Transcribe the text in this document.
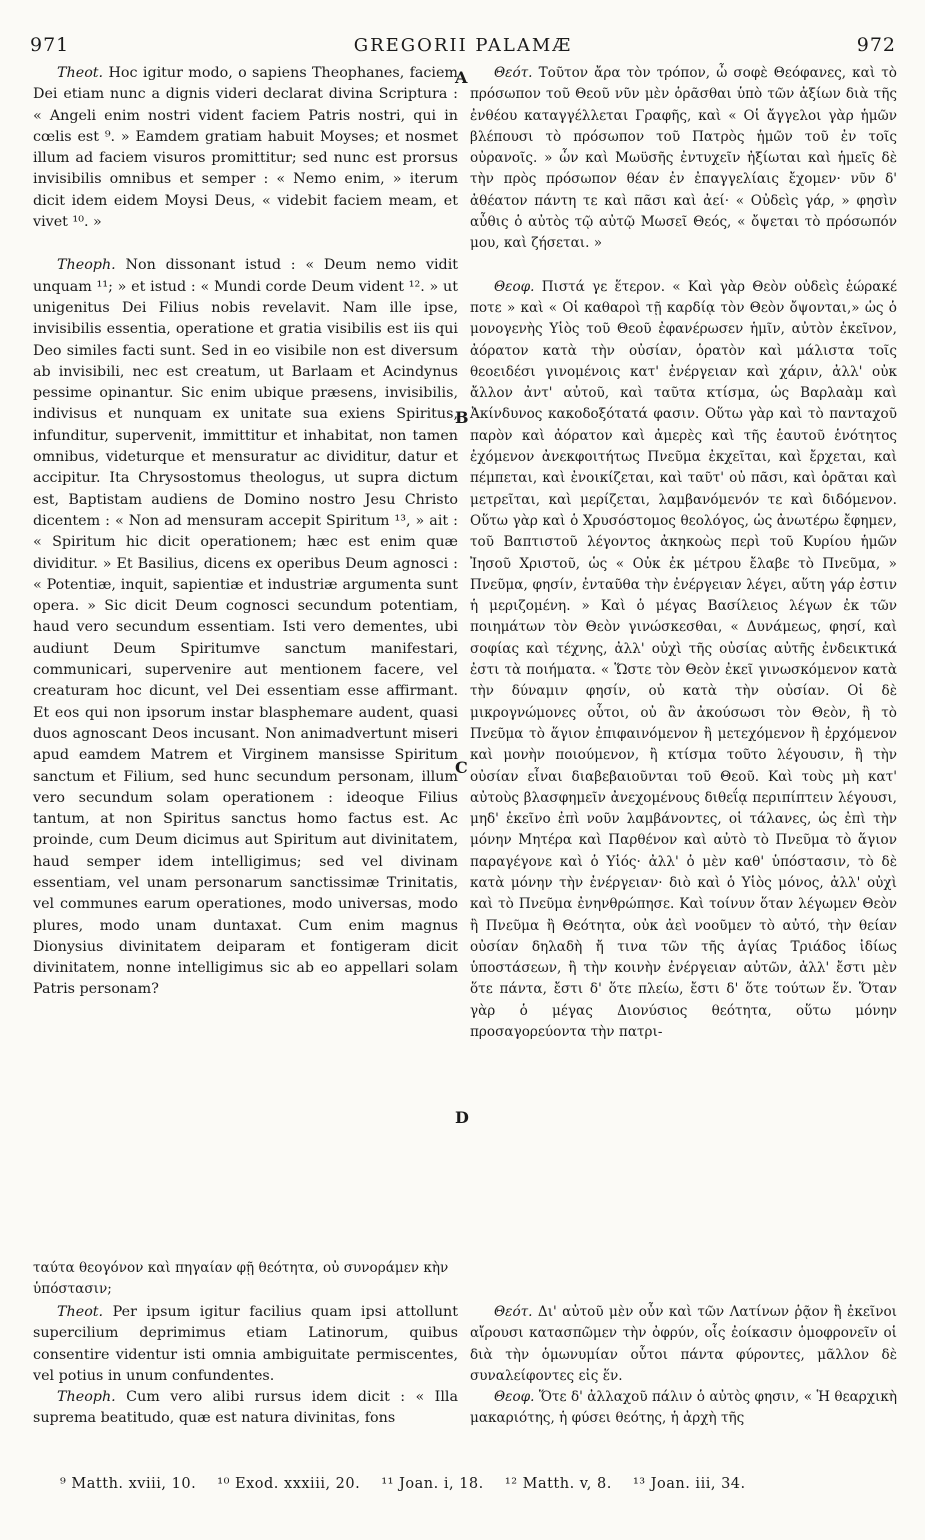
971	GREGORII PALAMÆ	972
A
B
C
D

Theot. Hoc igitur modo, o sapiens Theophanes, faciem Dei etiam nunc a dignis videri declarat divina Scriptura : « Angeli enim nostri vident faciem Patris nostri, qui in cœlis est ⁹. » Eamdem gratiam habuit Moyses; et nosmet illum ad faciem visuros promittitur; sed nunc est prorsus invisibilis omnibus et semper : « Nemo enim, » iterum dicit idem eidem Moysi Deus, « videbit faciem meam, et vivet ¹⁰. »

Theoph. Non dissonant istud : « Deum nemo vidit unquam ¹¹; » et istud : « Mundi corde Deum vident ¹². » ut unigenitus Dei Filius nobis revelavit. Nam ille ipse, invisibilis essentia, operatione et gratia visibilis est iis qui Deo similes facti sunt. Sed in eo visibile non est diversum ab invisibili, nec est creatum, ut Barlaam et Acindynus pessime opinantur. Sic enim ubique præsens, invisibilis, indivisus et nunquam ex unitate sua exiens Spiritus, infunditur, supervenit, immittitur et inhabitat, non tamen omnibus, videturque et mensuratur ac dividitur, datur et accipitur. Ita Chrysostomus theologus, ut supra dictum est, Baptistam audiens de Domino nostro Jesu Christo dicentem : « Non ad mensuram accepit Spiritum ¹³, » ait : « Spiritum hic dicit operationem; hæc est enim quæ dividitur. » Et Basilius, dicens ex operibus Deum agnosci : « Potentiæ, inquit, sapientiæ et industriæ argumenta sunt opera. » Sic dicit Deum cognosci secundum potentiam, haud vero secundum essentiam. Isti vero dementes, ubi audiunt Deum Spiritumve sanctum manifestari, communicari, supervenire aut mentionem facere, vel creaturam hoc dicunt, vel Dei essentiam esse affirmant. Et eos qui non ipsorum instar blasphemare audent, quasi duos agnoscant Deos incusant. Non animadvertunt miseri apud eamdem Matrem et Virginem mansisse Spiritum sanctum et Filium, sed hunc secundum personam, illum vero secundum solam operationem : ideoque Filius tantum, at non Spiritus sanctus homo factus est. Ac proinde, cum Deum dicimus aut Spiritum aut divinitatem, haud semper idem intelligimus; sed vel divinam essentiam, vel unam personarum sanctissimæ Trinitatis, vel communes earum operationes, modo universas, modo plures, modo unam duntaxat. Cum enim magnus Dionysius divinitatem deiparam et fontigeram dicit divinitatem, nonne intelligimus sic ab eo appellari solam Patris personam?

Θεότ. Τοῦτον ἄρα τὸν τρόπον, ὦ σοφὲ Θεόφανες, καὶ τὸ πρόσωπον τοῦ Θεοῦ νῦν μὲν ὁρᾶσθαι ὑπὸ τῶν ἀξίων διὰ τῆς ἐνθέου καταγγέλλεται Γραφῆς, καὶ « Οἱ ἄγγελοι γὰρ ἡμῶν βλέπουσι τὸ πρόσωπον τοῦ Πατρὸς ἡμῶν τοῦ ἐν τοῖς οὐρανοῖς. » ὧν καὶ Μωϋσῆς ἐντυχεῖν ἠξίωται καὶ ἡμεῖς δὲ τὴν πρὸς πρόσωπον θέαν ἐν ἐπαγγελίαις ἔχομεν· νῦν δ' ἀθέατον πάντη τε καὶ πᾶσι καὶ ἀεί· « Οὐδεὶς γάρ, » φησὶν αὖθις ὁ αὐτὸς τῷ αὐτῷ Μωσεῖ Θεός, « ὄψεται τὸ πρόσωπόν μου, καὶ ζήσεται. »

Θεοφ. Πιστά γε ἕτερον. « Καὶ γὰρ Θεὸν οὐδεὶς ἑώρακέ ποτε » καὶ « Οἱ καθαροὶ τῇ καρδίᾳ τὸν Θεὸν ὄψονται,» ὡς ὁ μονογενὴς Υἱὸς τοῦ Θεοῦ ἐφανέρωσεν ἡμῖν, αὐτὸν ἐκεῖνον, ἀόρατον κατὰ τὴν οὐσίαν, ὁρατὸν καὶ μάλιστα τοῖς θεοειδέσι γινομένοις κατ' ἐνέργειαν καὶ χάριν, ἀλλ' οὐκ ἄλλον ἀντ' αὐτοῦ, καὶ ταῦτα κτίσμα, ὡς Βαρλαὰμ καὶ Ἀκίνδυνος κακοδοξότατά φασιν. Οὕτω γὰρ καὶ τὸ πανταχοῦ παρὸν καὶ ἀόρατον καὶ ἀμερὲς καὶ τῆς ἑαυτοῦ ἑνότητος ἐχόμενον ἀνεκφοιτήτως Πνεῦμα ἐκχεῖται, καὶ ἔρχεται, καὶ πέμπεται, καὶ ἐνοικίζεται, καὶ ταῦτ' οὐ πᾶσι, καὶ ὁρᾶται καὶ μετρεῖται, καὶ μερίζεται, λαμβανόμενόν τε καὶ διδόμενον. Οὕτω γὰρ καὶ ὁ Χρυσόστομος θεολόγος, ὡς ἀνωτέρω ἔφημεν, τοῦ Βαπτιστοῦ λέγοντος ἀκηκοὼς περὶ τοῦ Κυρίου ἡμῶν Ἰησοῦ Χριστοῦ, ὡς « Οὐκ ἐκ μέτρου ἔλαβε τὸ Πνεῦμα, » Πνεῦμα, φησίν, ἐνταῦθα τὴν ἐνέργειαν λέγει, αὕτη γάρ ἐστιν ἡ μεριζομένη. » Καὶ ὁ μέγας Βασίλειος λέγων ἐκ τῶν ποιημάτων τὸν Θεὸν γινώσκεσθαι, « Δυνάμεως, φησί, καὶ σοφίας καὶ τέχνης, ἀλλ' οὐχὶ τῆς οὐσίας αὐτῆς ἐνδεικτικά ἐστι τὰ ποιήματα. « Ὥστε τὸν Θεὸν ἐκεῖ γινωσκόμενον κατὰ τὴν δύναμιν φησίν, οὐ κατὰ τὴν οὐσίαν. Οἱ δὲ μικρογνώμονες οὗτοι, οὐ ἂν ἀκούσωσι τὸν Θεὸν, ἢ τὸ Πνεῦμα τὸ ἅγιον ἐπιφαινόμενον ἢ μετεχόμενον ἢ ἐρχόμενον καὶ μονὴν ποιούμενον, ἢ κτίσμα τοῦτο λέγουσιν, ἢ τὴν οὐσίαν εἶναι διαβεβαιοῦνται τοῦ Θεοῦ. Καὶ τοὺς μὴ κατ' αὐτοὺς βλασφημεῖν ἀνεχομένους διθεΐᾳ περιπίπτειν λέγουσι, μηδ' ἐκεῖνο ἐπὶ νοῦν λαμβάνοντες, οἱ τάλανες, ὡς ἐπὶ τὴν μόνην Μητέρα καὶ Παρθένον καὶ αὐτὸ τὸ Πνεῦμα τὸ ἅγιον παραγέγονε καὶ ὁ Υἱός· ἀλλ' ὁ μὲν καθ' ὑπόστασιν, τὸ δὲ κατὰ μόνην τὴν ἐνέργειαν· διὸ καὶ ὁ Υἱὸς μόνος, ἀλλ' οὐχὶ καὶ τὸ Πνεῦμα ἐνηνθρώπησε. Καὶ τοίνυν ὅταν λέγωμεν Θεὸν ἢ Πνεῦμα ἢ Θεότητα, οὐκ ἀεὶ νοοῦμεν τὸ αὐτό, τὴν θείαν οὐσίαν δηλαδὴ ἤ τινα τῶν τῆς ἁγίας Τριάδος ἰδίως ὑποστάσεων, ἢ τὴν κοινὴν ἐνέργειαν αὐτῶν, ἀλλ' ἔστι μὲν ὅτε πάντα, ἔστι δ' ὅτε πλείω, ἔστι δ' ὅτε τούτων ἕν. Ὅταν γὰρ ὁ μέγας Διονύσιος θεότητα, οὕτω μόνην προσαγορεύοντα τὴν πατρι-

ταύτα θεογόνον καὶ πηγαίαν φῇ θεότητα, οὐ συνοράμεν κὴν ὑπόστασιν;

Theot. Per ipsum igitur facilius quam ipsi attollunt supercilium deprimimus etiam Latinorum, quibus consentire videntur isti omnia ambiguitate permiscentes, vel potius in unum confundentes.

Theoph. Cum vero alibi rursus idem dicit : « Illa suprema beatitudo, quæ est natura divinitas, fons

Θεότ. Δι' αὐτοῦ μὲν οὖν καὶ τῶν Λατίνων ῥᾷον ἢ ἐκεῖνοι αἴρουσι κατασπῶμεν τὴν ὀφρύν, οἷς ἐοίκασιν ὁμοφρονεῖν οἱ διὰ τὴν ὁμωνυμίαν οὗτοι πάντα φύροντες, μᾶλλον δὲ συναλείφοντες εἰς ἕν.

Θεοφ. Ὅτε δ' ἀλλαχοῦ πάλιν ὁ αὐτὸς φησιν, « Ἡ θεαρχικὴ μακαριότης, ἡ φύσει θεότης, ἡ ἀρχὴ τῆς

⁹ Matth. xviii, 10. ¹⁰ Exod. xxxiii, 20. ¹¹ Joan. i, 18. ¹² Matth. v, 8. ¹³ Joan. iii, 34.
